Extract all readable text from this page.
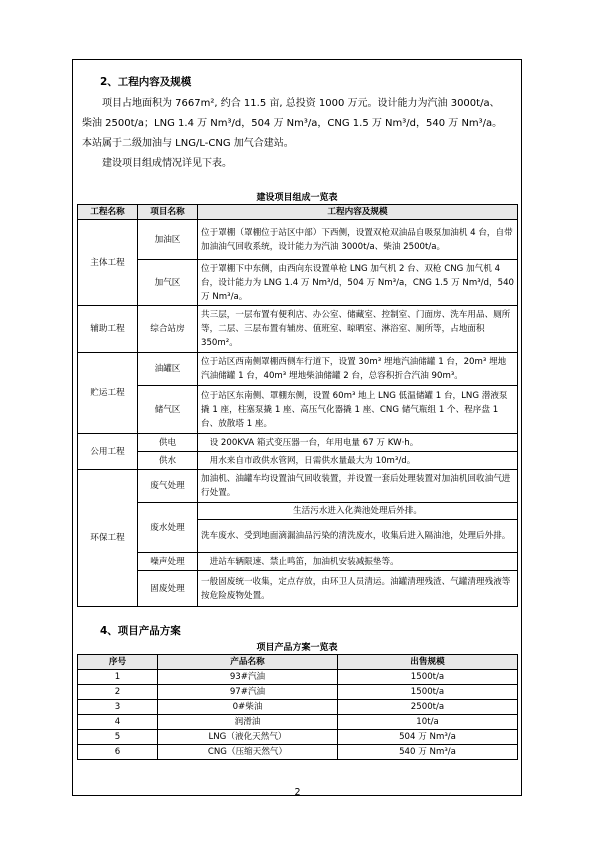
2、工程内容及规模

项目占地面积为 7667m², 约合 11.5 亩, 总投资 1000 万元。设计能力为汽油 3000t/a、

柴油 2500t/a；LNG 1.4 万 Nm³/d，504 万 Nm³/a，CNG 1.5 万 Nm³/d，540 万 Nm³/a。

本站属于二级加油与 LNG/L-CNG 加气合建站。

建设项目组成情况详见下表。

建设项目组成一览表
工程名称	项目名称	工程内容及规模
主体工程	加油区	位于罩棚（罩棚位于站区中部）下西侧，设置双枪双油品自吸泵加油机 4 台，自带加油油气回收系统，设计能力为汽油 3000t/a、柴油 2500t/a。
	加气区	位于罩棚下中东侧，由西向东设置单枪 LNG 加气机 2 台、双枪 CNG 加气机 4 台，设计能力为 LNG 1.4 万 Nm³/d，504 万 Nm³/a，CNG 1.5 万 Nm³/d，540 万 Nm³/a。
辅助工程	综合站房	共三层，一层布置有便利店、办公室、储藏室、控制室、门面房、洗车用品、厕所等，二层、三层布置有辅房、值班室、晾晒室、淋浴室、厕所等，占地面积 350m²。
贮运工程	油罐区	位于站区西南侧罩棚西侧车行道下，设置 30m³ 埋地汽油储罐 1 台，20m³ 埋地汽油储罐 1 台，40m³ 埋地柴油储罐 2 台，总容积折合汽油 90m³。
	储气区	位于站区东南侧、罩棚东侧，设置 60m³ 地上 LNG 低温储罐 1 台，LNG 潜液泵撬 1 座，柱塞泵撬 1 座、高压气化器撬 1 座、CNG 储气瓶组 1 个、程序盘 1 台、放散塔 1 座。
公用工程	供电	设 200KVA 箱式变压器一台，年用电量 67 万 KW·h。
	供水	用水来自市政供水管网，日需供水量最大为 10m³/d。
环保工程	废气处理	加油机、油罐车均设置油气回收装置，并设置一套后处理装置对加油机回收油气进行处置。
	废水处理	生活污水进入化粪池处理后外排。
		洗车废水、受到地面滴漏油品污染的清洗废水，收集后进入隔油池，处理后外排。
	噪声处理	进站车辆限速、禁止鸣笛，加油机安装减振垫等。
	固废处理	一般固废统一收集，定点存放，由环卫人员清运。油罐清理残渣、气罐清理残液等按危险废物处置。
4、项目产品方案
项目产品方案一览表
序号	产品名称	出售规模
1	93#汽油	1500t/a
2	97#汽油	1500t/a
3	0#柴油	2500t/a
4	润滑油	10t/a
5	LNG（液化天然气）	504 万 Nm³/a
6	CNG（压缩天然气）	540 万 Nm³/a
2
